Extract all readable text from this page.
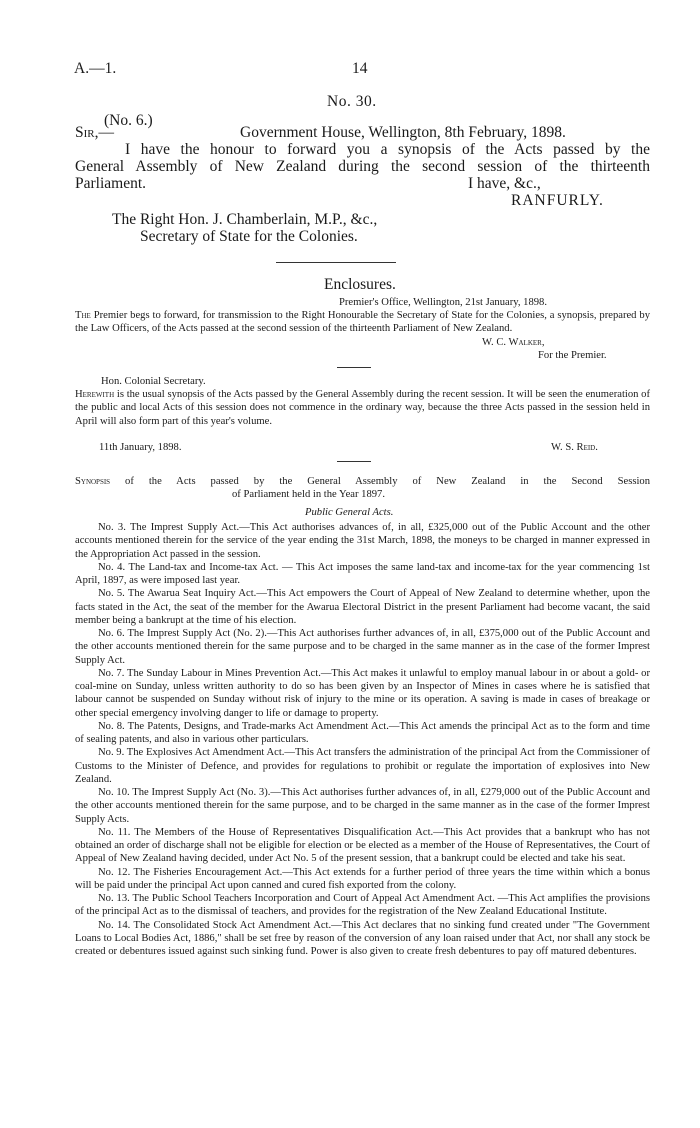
A.—1.	14
No. 30.
(No. 6.)
Sir,—	Government House, Wellington, 8th February, 1898.
I have the honour to forward you a synopsis of the Acts passed by the
General Assembly of New Zealand during the second session of the thirteenth
Parliament.	I have, &c.,
RANFURLY.
The Right Hon. J. Chamberlain, M.P., &c.,
Secretary of State for the Colonies.
Enclosures.
Premier's Office, Wellington, 21st January, 1898.

The Premier begs to forward, for transmission to the Right Honourable the Secretary of State for the Colonies, a synopsis, prepared by the Law Officers, of the Acts passed at the second session of the thirteenth Parliament of New Zealand.

W. C. Walker,
For the Premier.
Hon. Colonial Secretary.

Herewith is the usual synopsis of the Acts passed by the General Assembly during the recent session. It will be seen the enumeration of the public and local Acts of this session does not commence in the ordinary way, because the three Acts passed in the session held in April will also form part of this year's volume.

11th January, 1898.	W. S. Reid.
Synopsis of the Acts passed by the General Assembly of New Zealand in the Second Session
of Parliament held in the Year 1897.
Public General Acts.

No. 3. The Imprest Supply Act.—This Act authorises advances of, in all, £325,000 out of the Public Account and the other accounts mentioned therein for the service of the year ending the 31st March, 1898, the moneys to be charged in manner expressed in the Appropriation Act passed in the session.

No. 4. The Land-tax and Income-tax Act. — This Act imposes the same land-tax and income-tax for the year commencing 1st April, 1897, as were imposed last year.

No. 5. The Awarua Seat Inquiry Act.—This Act empowers the Court of Appeal of New Zealand to determine whether, upon the facts stated in the Act, the seat of the member for the Awarua Electoral District in the present Parliament had become vacant, the said member being a bankrupt at the time of his election.

No. 6. The Imprest Supply Act (No. 2).—This Act authorises further advances of, in all, £375,000 out of the Public Account and the other accounts mentioned therein for the same purpose and to be charged in the same manner as in the case of the former Imprest Supply Act.

No. 7. The Sunday Labour in Mines Prevention Act.—This Act makes it unlawful to employ manual labour in or about a gold- or coal-mine on Sunday, unless written authority to do so has been given by an Inspector of Mines in cases where he is satisfied that labour cannot be suspended on Sunday without risk of injury to the mine or its operation. A saving is made in cases of breakage or other special emergency involving danger to life or damage to property.

No. 8. The Patents, Designs, and Trade-marks Act Amendment Act.—This Act amends the principal Act as to the form and time of sealing patents, and also in various other particulars.

No. 9. The Explosives Act Amendment Act.—This Act transfers the administration of the principal Act from the Commissioner of Customs to the Minister of Defence, and provides for regulations to prohibit or regulate the importation of explosives into New Zealand.

No. 10. The Imprest Supply Act (No. 3).—This Act authorises further advances of, in all, £279,000 out of the Public Account and the other accounts mentioned therein for the same purpose, and to be charged in the same manner as in the case of the former Imprest Supply Acts.

No. 11. The Members of the House of Representatives Disqualification Act.—This Act provides that a bankrupt who has not obtained an order of discharge shall not be eligible for election or be elected as a member of the House of Representatives, the Court of Appeal of New Zealand having decided, under Act No. 5 of the present session, that a bankrupt could be elected and take his seat.

No. 12. The Fisheries Encouragement Act.—This Act extends for a further period of three years the time within which a bonus will be paid under the principal Act upon canned and cured fish exported from the colony.

No. 13. The Public School Teachers Incorporation and Court of Appeal Act Amendment Act. —This Act amplifies the provisions of the principal Act as to the dismissal of teachers, and provides for the registration of the New Zealand Educational Institute.

No. 14. The Consolidated Stock Act Amendment Act.—This Act declares that no sinking fund created under "The Government Loans to Local Bodies Act, 1886," shall be set free by reason of the conversion of any loan raised under that Act, nor shall any stock be created or debentures issued against such sinking fund. Power is also given to create fresh debentures to pay off matured debentures.
